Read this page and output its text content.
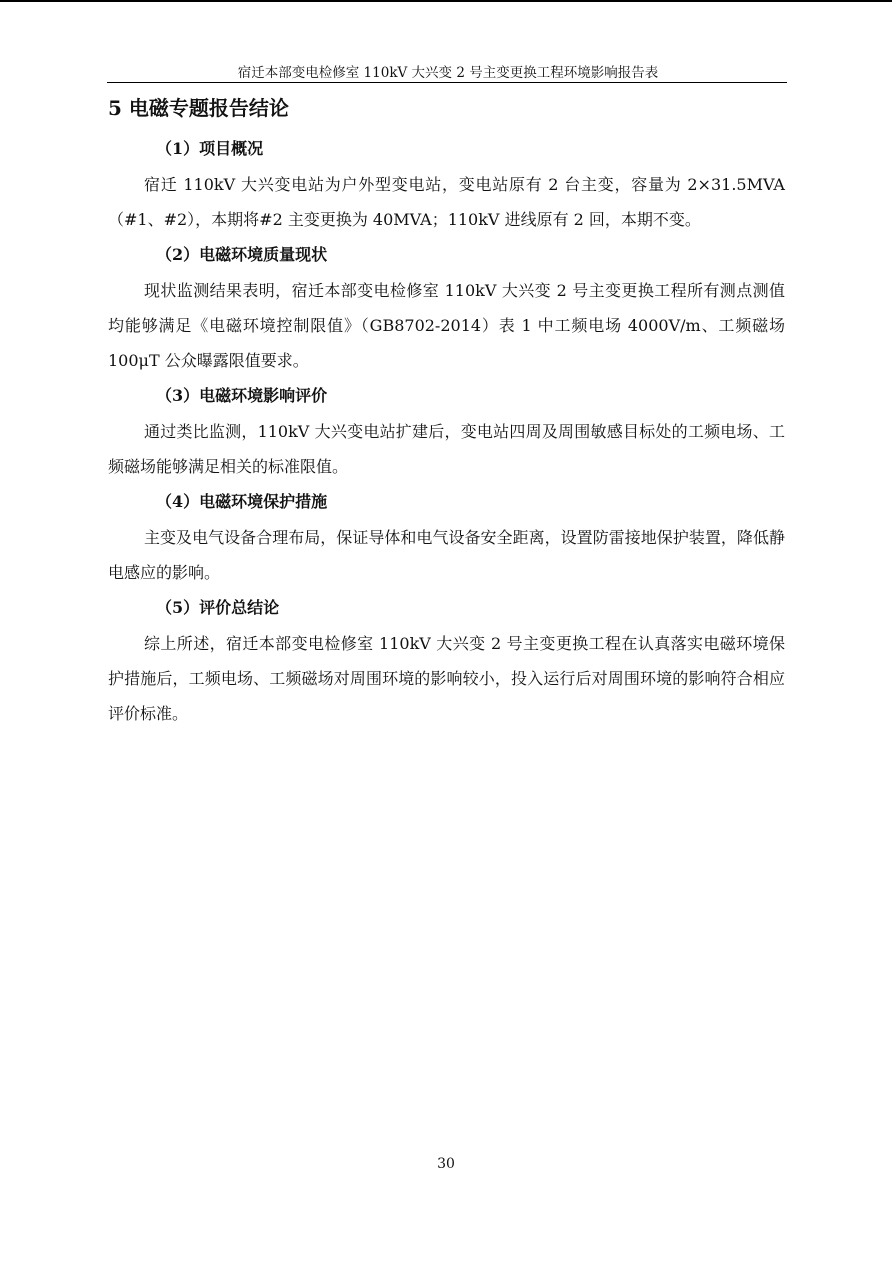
宿迁本部变电检修室 110kV 大兴变 2 号主变更换工程环境影响报告表
5 电磁专题报告结论
（1）项目概况

宿迁 110kV 大兴变电站为户外型变电站，变电站原有 2 台主变，容量为 2×31.5MVA（#1、#2），本期将#2 主变更换为 40MVA；110kV 进线原有 2 回，本期不变。

（2）电磁环境质量现状

现状监测结果表明，宿迁本部变电检修室 110kV 大兴变 2 号主变更换工程所有测点测值均能够满足《电磁环境控制限值》（GB8702-2014）表 1 中工频电场 4000V/m、工频磁场 100μT 公众曝露限值要求。

（3）电磁环境影响评价

通过类比监测，110kV 大兴变电站扩建后，变电站四周及周围敏感目标处的工频电场、工频磁场能够满足相关的标准限值。

（4）电磁环境保护措施

主变及电气设备合理布局，保证导体和电气设备安全距离，设置防雷接地保护装置，降低静电感应的影响。

（5）评价总结论

综上所述，宿迁本部变电检修室 110kV 大兴变 2 号主变更换工程在认真落实电磁环境保护措施后，工频电场、工频磁场对周围环境的影响较小，投入运行后对周围环境的影响符合相应评价标准。

30
